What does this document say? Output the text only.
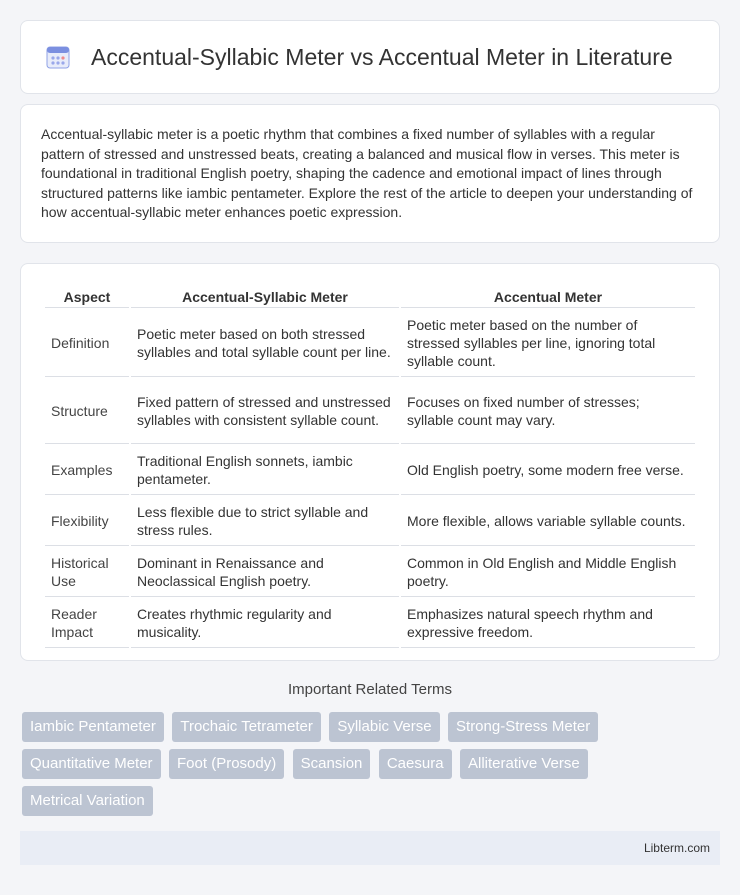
Accentual-Syllabic Meter vs Accentual Meter in Literature

Accentual-syllabic meter is a poetic rhythm that combines a fixed number of syllables with a regular pattern of stressed and unstressed beats, creating a balanced and musical flow in verses. This meter is foundational in traditional English poetry, shaping the cadence and emotional impact of lines through structured patterns like iambic pentameter. Explore the rest of the article to deepen your understanding of how accentual-syllabic meter enhances poetic expression.

Aspect	Accentual-Syllabic Meter	Accentual Meter
Definition	Poetic meter based on both stressed syllables and total syllable count per line.	Poetic meter based on the number of stressed syllables per line, ignoring total syllable count.
Structure	Fixed pattern of stressed and unstressed syllables with consistent syllable count.	Focuses on fixed number of stresses; syllable count may vary.
Examples	Traditional English sonnets, iambic pentameter.	Old English poetry, some modern free verse.
Flexibility	Less flexible due to strict syllable and stress rules.	More flexible, allows variable syllable counts.
Historical Use	Dominant in Renaissance and Neoclassical English poetry.	Common in Old English and Middle English poetry.
Reader Impact	Creates rhythmic regularity and musicality.	Emphasizes natural speech rhythm and expressive freedom.
Important Related Terms
Iambic Pentameter Trochaic Tetrameter Syllabic Verse Strong-Stress Meter Quantitative Meter Foot (Prosody) Scansion Caesura Alliterative Verse Metrical Variation
Libterm.com
